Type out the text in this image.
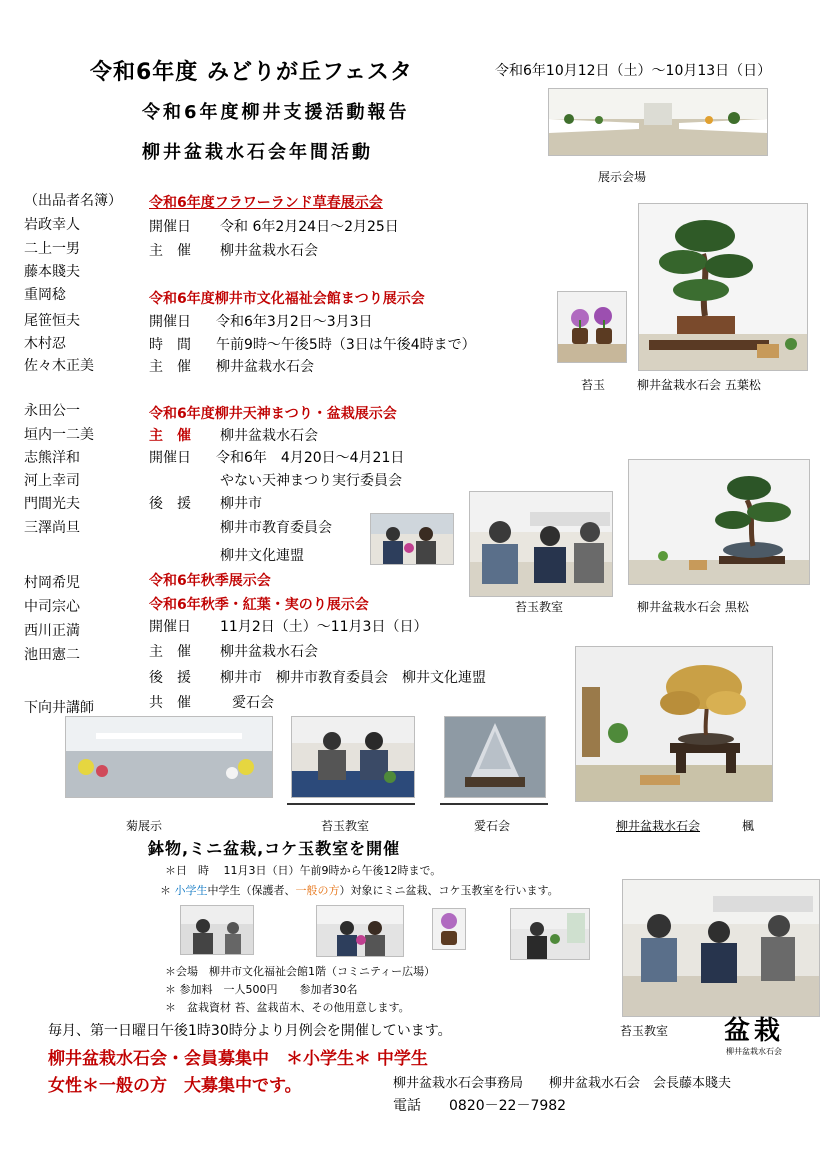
令和6年度 みどりが丘フェスタ	令和6年10月12日（土）～10月13日（日）
令和6年度柳井支援活動報告
柳井盆栽水石会年間活動
展示会場
（出品者名簿）
岩政幸人
二上一男
藤本賤夫
重岡稔
尾笹恒夫
木村忍
佐々木正美
永田公一
垣内一二美
志熊洋和
河上幸司
門間光夫
三澤尚旦
村岡希児
中司宗心
西川正満
池田憲二
下向井講師
令和6年度フラワーランド草春展示会
開催日 令和 6年2月24日～2月25日
主　催 柳井盆栽水石会
令和6年度柳井市文化福祉会館まつり展示会
開催日 令和6年3月2日～3月3日
時　間 午前9時～午後5時（3日は午後4時まで）
主　催 柳井盆栽水石会
苔玉	柳井盆栽水石会 五葉松
令和6年度柳井天神まつり・盆栽展示会
主　催 柳井盆栽水石会
開催日 令和6年　4月20日～4月21日
やない天神まつり実行委員会
後　援 柳井市
柳井市教育委員会
柳井文化連盟
苔玉教室	柳井盆栽水石会 黒松
令和6年秋季展示会
令和6年秋季・紅葉・実のり展示会
開催日 11月2日（土）～11月3日（日）
主　催 柳井盆栽水石会
後　援 柳井市　柳井市教育委員会　柳井文化連盟
共　催	愛石会
菊展示	苔玉教室	愛石会	柳井盆栽水石会	楓
鉢物,ミニ盆栽,コケ玉教室を開催
＊日　時　 11月3日（日）午前9時から午後12時まで。
＊ 小学生中学生（保護者、一般の方）対象にミニ盆栽、コケ玉教室を行います。
＊会場　柳井市文化福祉会館1階（コミニティー広場）
＊ 参加料　一人500円　　参加者30名
＊　盆栽資材 苔、盆栽苗木、その他用意します。
毎月、第一日曜日午後1時30時分より月例会を開催しています。	苔玉教室	盆栽
柳井盆栽水石会
柳井盆栽水石会・会員募集中　＊小学生＊ 中学生
女性＊一般の方　大募集中です。	柳井盆栽水石会事務局　　柳井盆栽水石会　会長藤本賤夫
電話　　0820－22－7982
